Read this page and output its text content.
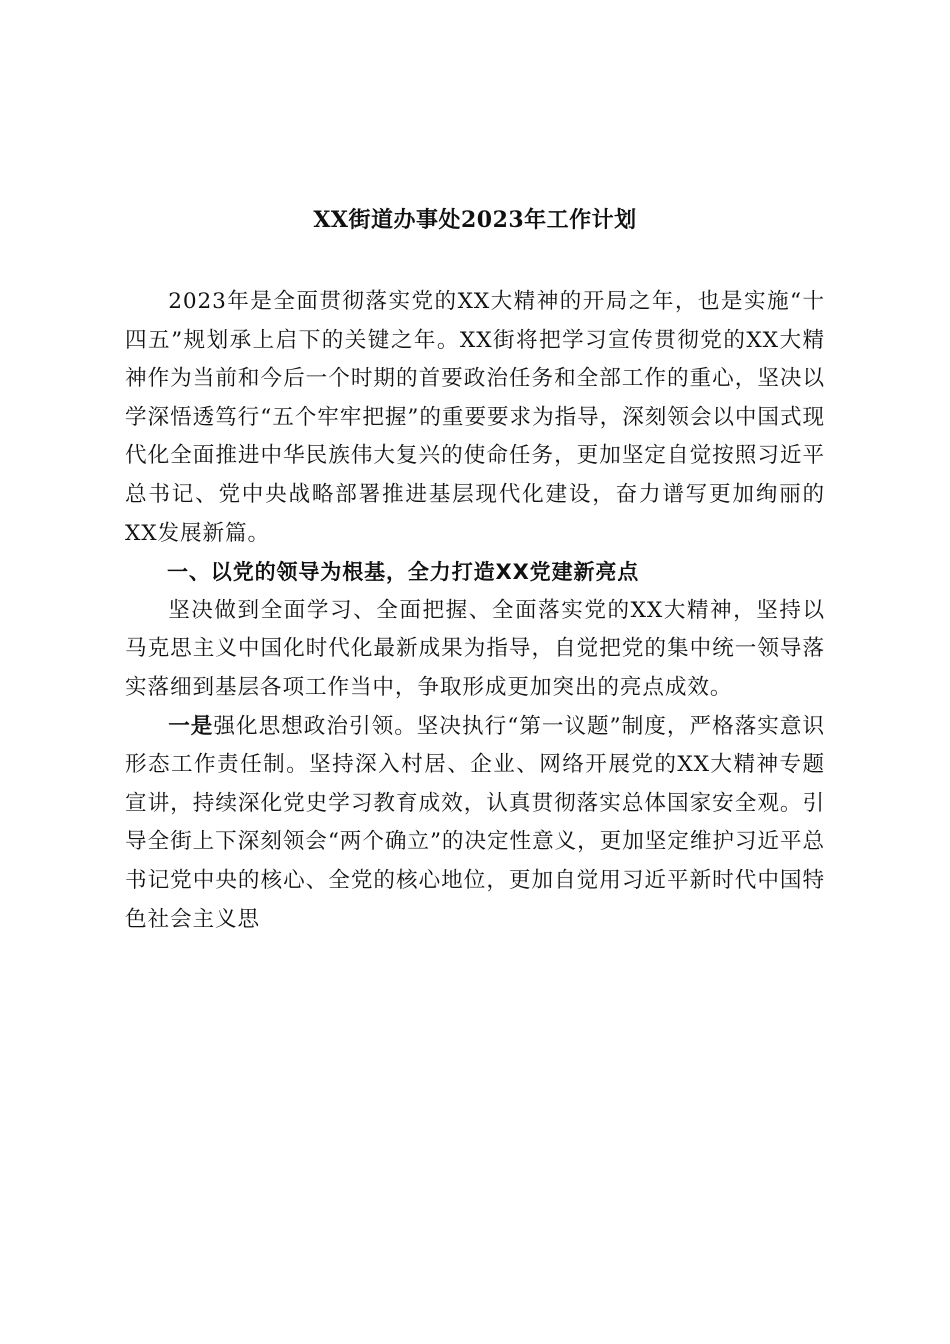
XX街道办事处2023年工作计划

2023年是全面贯彻落实党的XX大精神的开局之年，也是实施“十四五”规划承上启下的关键之年。XX街将把学习宣传贯彻党的XX大精神作为当前和今后一个时期的首要政治任务和全部工作的重心，坚决以学深悟透笃行“五个牢牢把握”的重要要求为指导，深刻领会以中国式现代化全面推进中华民族伟大复兴的使命任务，更加坚定自觉按照习近平总书记、党中央战略部署推进基层现代化建设，奋力谱写更加绚丽的XX发展新篇。

一、以党的领导为根基，全力打造XX党建新亮点

坚决做到全面学习、全面把握、全面落实党的XX大精神，坚持以马克思主义中国化时代化最新成果为指导，自觉把党的集中统一领导落实落细到基层各项工作当中，争取形成更加突出的亮点成效。

一是强化思想政治引领。坚决执行“第一议题”制度，严格落实意识形态工作责任制。坚持深入村居、企业、网络开展党的XX大精神专题宣讲，持续深化党史学习教育成效，认真贯彻落实总体国家安全观。引导全街上下深刻领会“两个确立”的决定性意义，更加坚定维护习近平总书记党中央的核心、全党的核心地位，更加自觉用习近平新时代中国特色社会主义思
